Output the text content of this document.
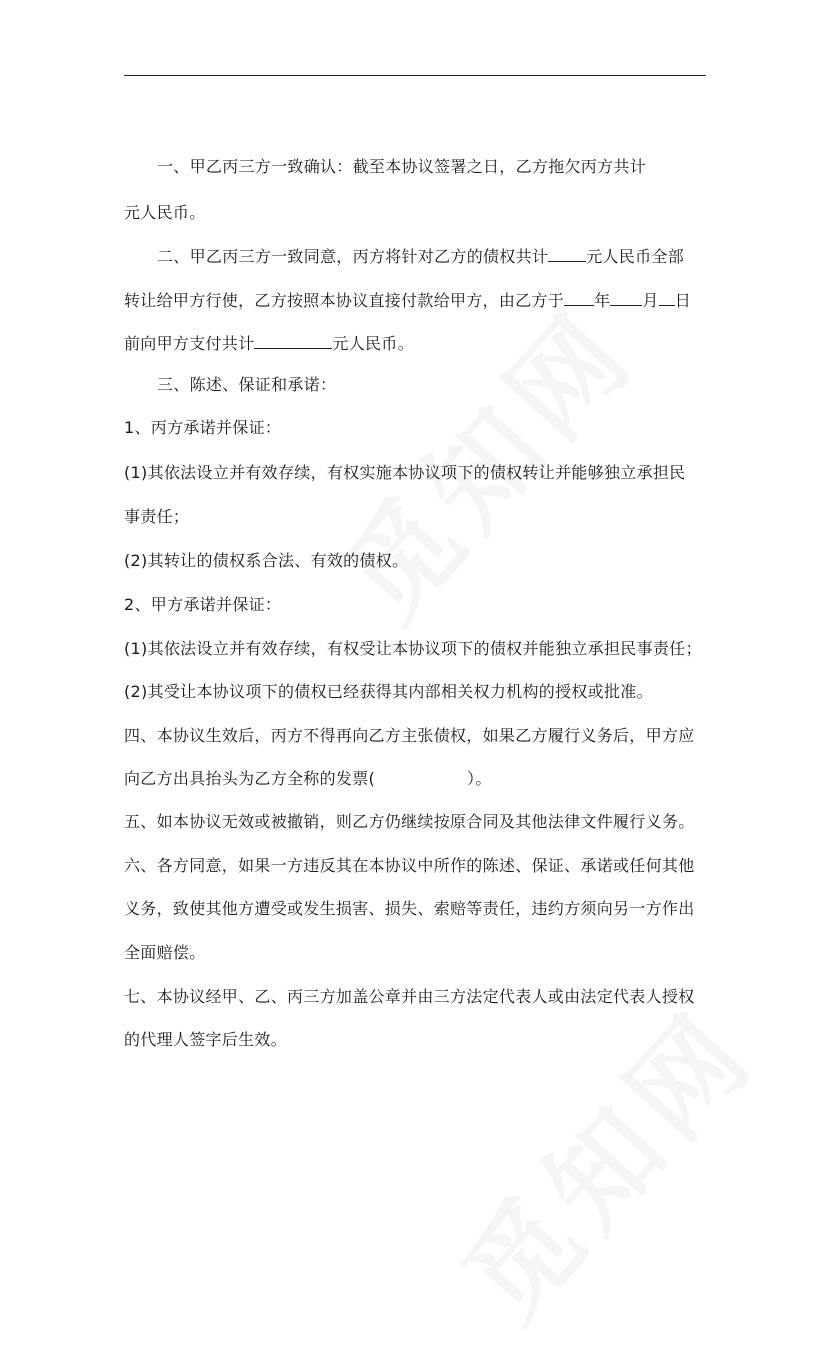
一、甲乙丙三方一致确认：截至本协议签署之日，乙方拖欠丙方共计
元人民币。
二、甲乙丙三方一致同意，丙方将针对乙方的债权共计 元人民币全部
转让给甲方行使，乙方按照本协议直接付款给甲方，由乙方于 年 月 日
前向甲方支付共计	元人民币。
三、陈述、保证和承诺：
1、丙方承诺并保证：
(1)其依法设立并有效存续，有权实施本协议项下的债权转让并能够独立承担民
事责任；
(2)其转让的债权系合法、有效的债权。
2、甲方承诺并保证：
(1)其依法设立并有效存续，有权受让本协议项下的债权并能独立承担民事责任；
(2)其受让本协议项下的债权已经获得其内部相关权力机构的授权或批准。
四、本协议生效后，丙方不得再向乙方主张债权，如果乙方履行义务后，甲方应
向乙方出具抬头为乙方全称的发票(	）。
五、如本协议无效或被撤销，则乙方仍继续按原合同及其他法律文件履行义务。
六、各方同意，如果一方违反其在本协议中所作的陈述、保证、承诺或任何其他
义务，致使其他方遭受或发生损害、损失、索赔等责任，违约方须向另一方作出
全面赔偿。
七、本协议经甲、乙、丙三方加盖公章并由三方法定代表人或由法定代表人授权
的代理人签字后生效。
